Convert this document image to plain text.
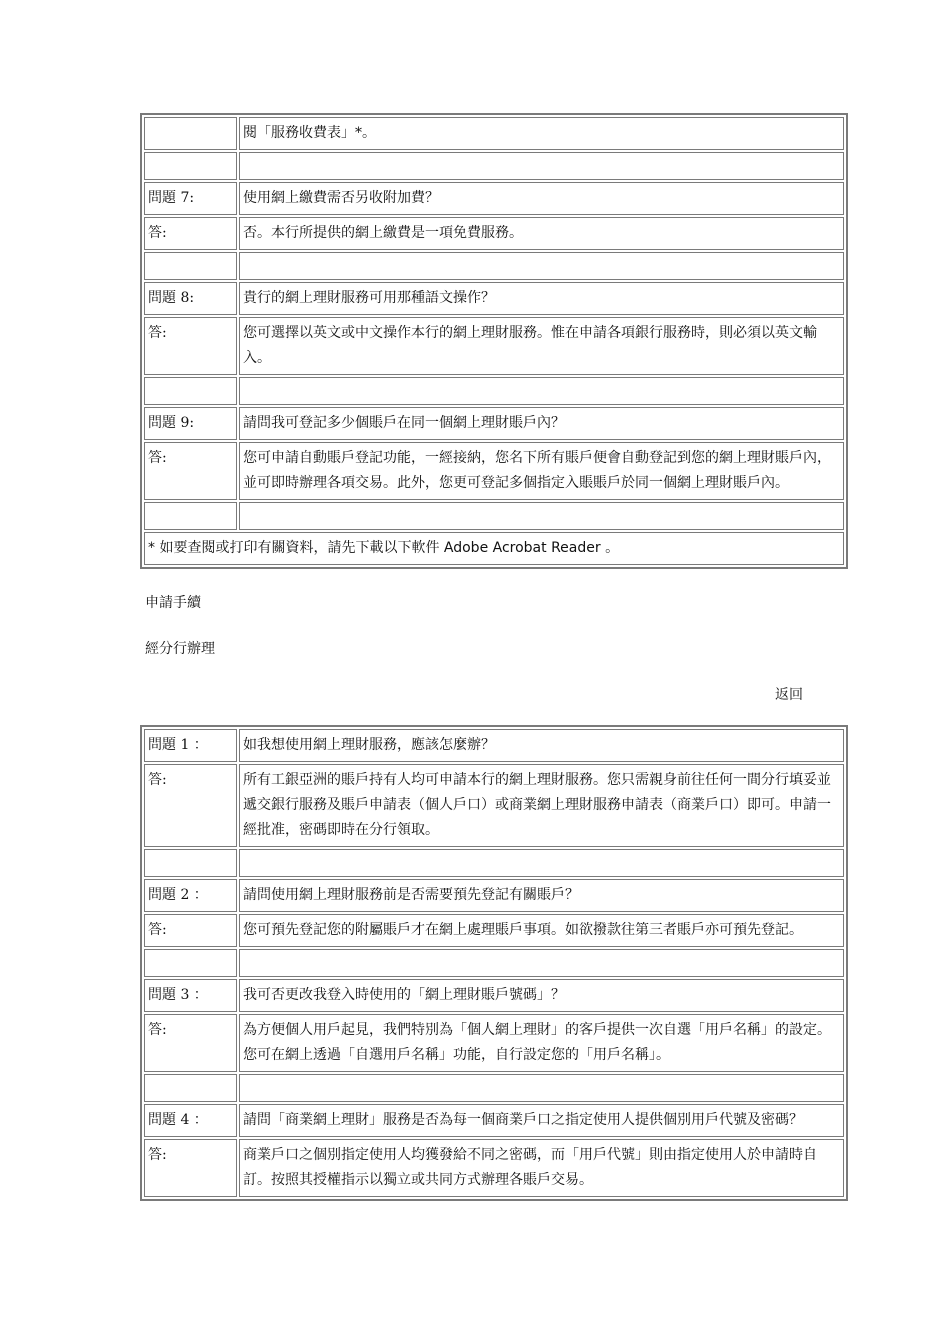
	閱「服務收費表」*。

問題 7:	使用網上繳費需否另收附加費？
答:	否。本行所提供的網上繳費是一項免費服務。

問題 8:	貴行的網上理財服務可用那種語文操作？
答:	您可選擇以英文或中文操作本行的網上理財服務。惟在申請各項銀行服務時，則必須以英文輸入。

問題 9:	請問我可登記多少個賬戶在同一個網上理財賬戶內？
答:	您可申請自動賬戶登記功能，一經接納，您名下所有賬戶便會自動登記到您的網上理財賬戶內，並可即時辦理各項交易。此外，您更可登記多個指定入賬賬戶於同一個網上理財賬戶內。

* 如要查閱或打印有關資料，請先下載以下軟件 Adobe Acrobat Reader 。	
申請手續
經分行辦理
返回
問題 1 ：	如我想使用網上理財服務，應該怎麼辦？
答:	所有工銀亞洲的賬戶持有人均可申請本行的網上理財服務。您只需親身前往任何一間分行填妥並遞交銀行服務及賬戶申請表（個人戶口）或商業網上理財服務申請表（商業戶口）即可。申請一經批准，密碼即時在分行領取。

問題 2 ：	請問使用網上理財服務前是否需要預先登記有關賬戶？
答:	您可預先登記您的附屬賬戶才在網上處理賬戶事項。如欲撥款往第三者賬戶亦可預先登記。

問題 3 ：	我可否更改我登入時使用的「網上理財賬戶號碼」？
答:	為方便個人用戶起見，我們特別為「個人網上理財」的客戶提供一次自選「用戶名稱」的設定。您可在網上透過「自選用戶名稱」功能，自行設定您的「用戶名稱」。

問題 4 ：	請問「商業網上理財」服務是否為每一個商業戶口之指定使用人提供個別用戶代號及密碼？
答:	商業戶口之個別指定使用人均獲發給不同之密碼，而「用戶代號」則由指定使用人於申請時自訂。按照其授權指示以獨立或共同方式辦理各賬戶交易。
